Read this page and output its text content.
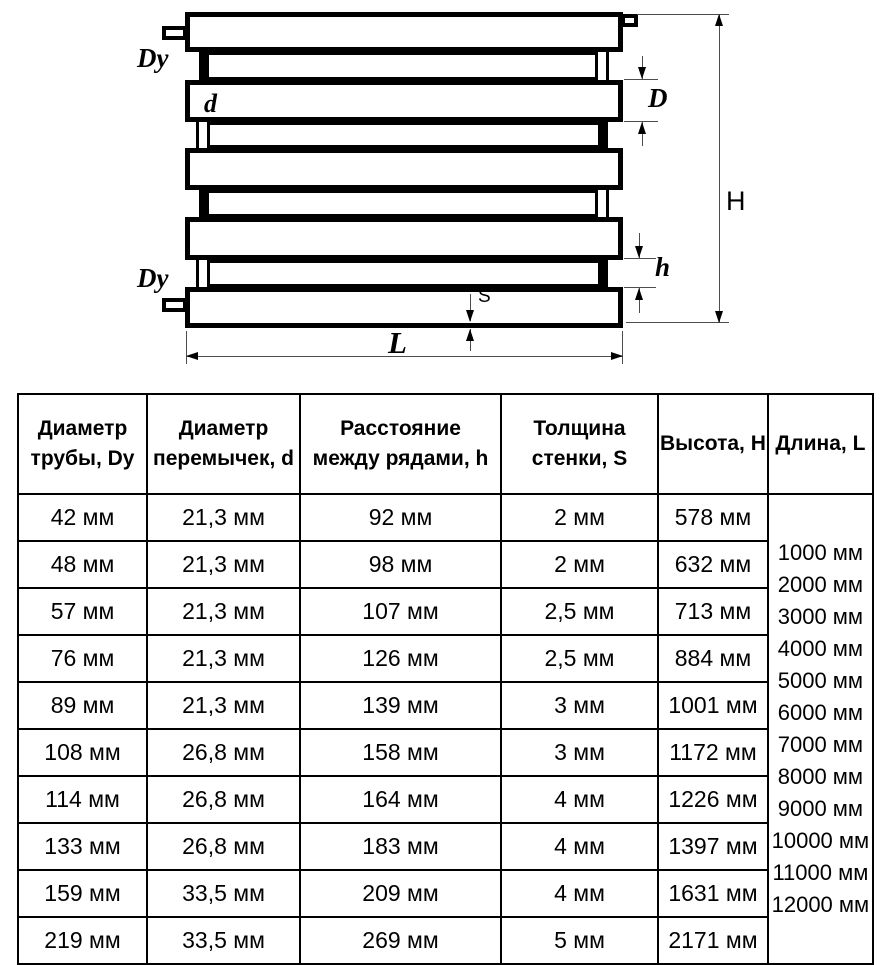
H
D
h
S
L
Dy
Dy
d
Диаметр трубы, Dy	Диаметр перемычек, d	Расстояние между рядами, h	Толщина стенки, S	Высота, H	Длина, L
42 мм	21,3 мм	92 мм	2 мм	578 мм	
1000 мм
2000 мм
3000 мм
4000 мм
5000 мм
6000 мм
7000 мм
8000 мм
9000 мм
10000 мм
11000 мм
12000 мм

48 мм	21,3 мм	98 мм	2 мм	632 мм	
57 мм	21,3 мм	107 мм	2,5 мм	713 мм	
76 мм	21,3 мм	126 мм	2,5 мм	884 мм	
89 мм	21,3 мм	139 мм	3 мм	1001 мм	
108 мм	26,8 мм	158 мм	3 мм	1172 мм	
114 мм	26,8 мм	164 мм	4 мм	1226 мм	
133 мм	26,8 мм	183 мм	4 мм	1397 мм	
159 мм	33,5 мм	209 мм	4 мм	1631 мм	
219 мм	33,5 мм	269 мм	5 мм	2171 мм	
